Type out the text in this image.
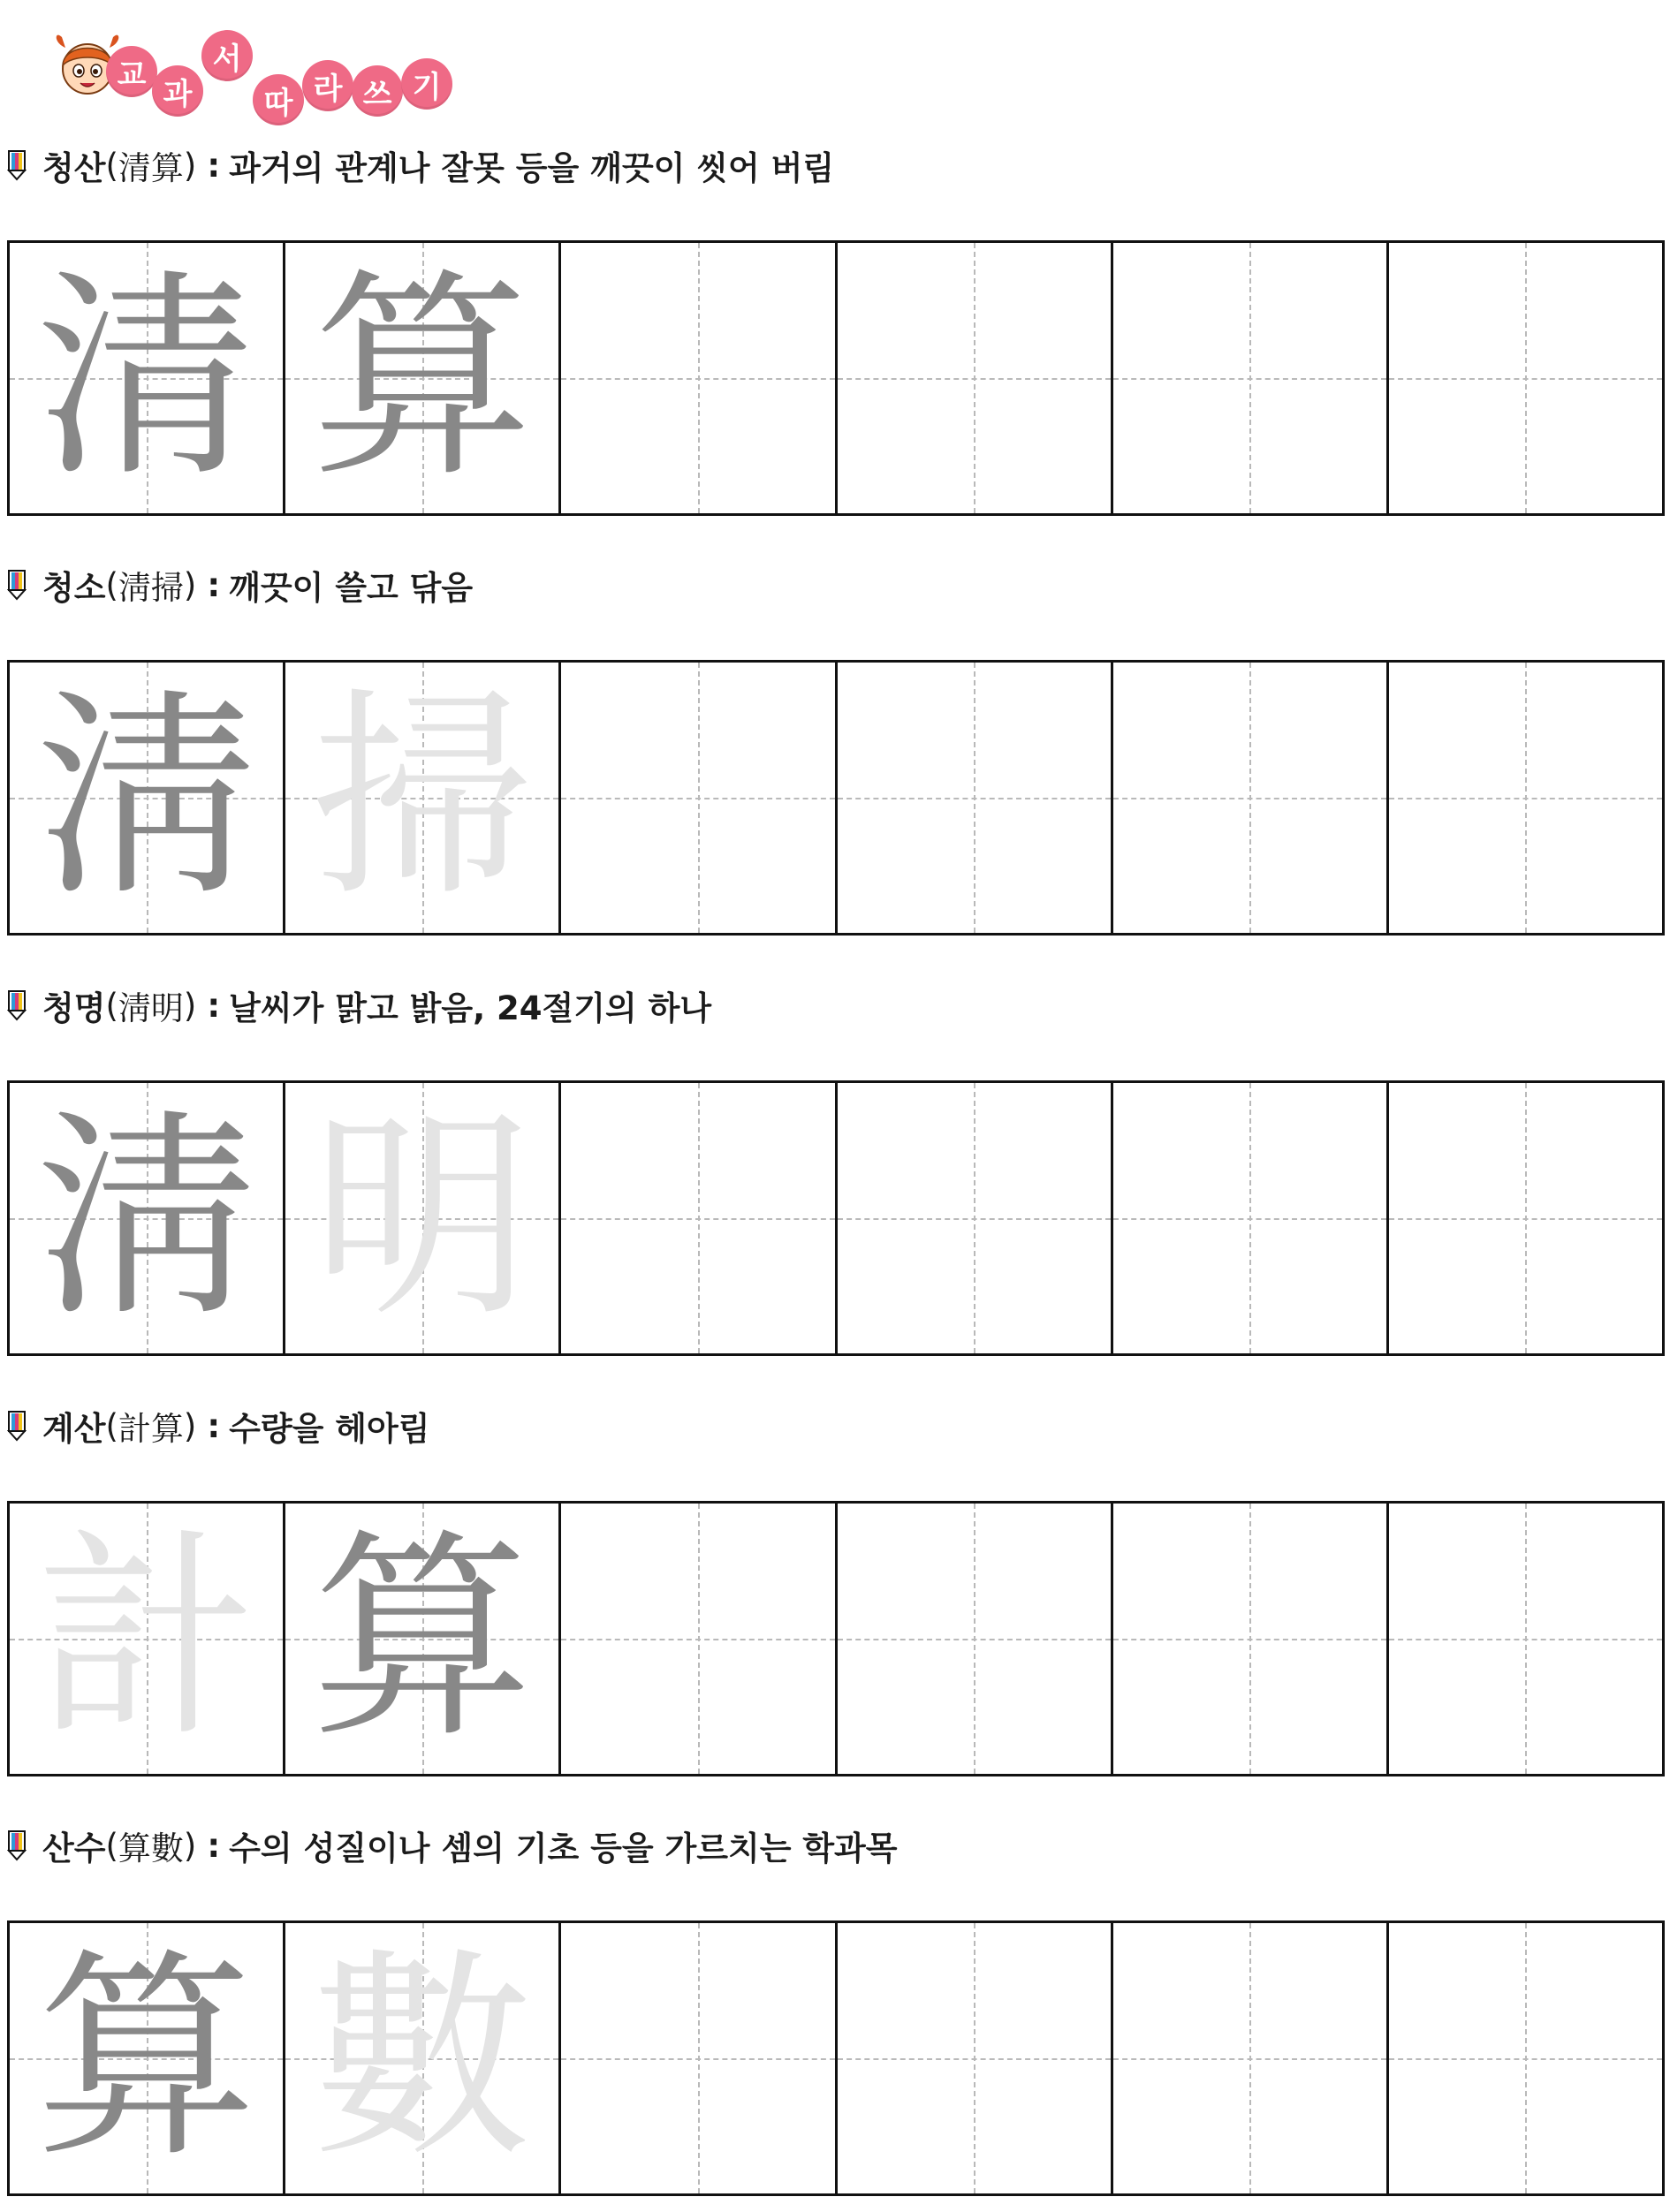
교
과
서
따 라 쓰 기
청산 ( 清算 ) : 과거의 관계나 잘못 등을 깨끗이 씻어 버림
清 算
청소 ( 淸掃 ) : 깨끗이 쓸고 닦음
淸 掃
청명 ( 淸明 ) : 날씨가 맑고 밝음, 24절기의 하나
淸 明
계산 ( 計算 ) : 수량을 헤아림
計 算
산수 ( 算數 ) : 수의 성질이나 셈의 기초 등을 가르치는 학과목
算 數
